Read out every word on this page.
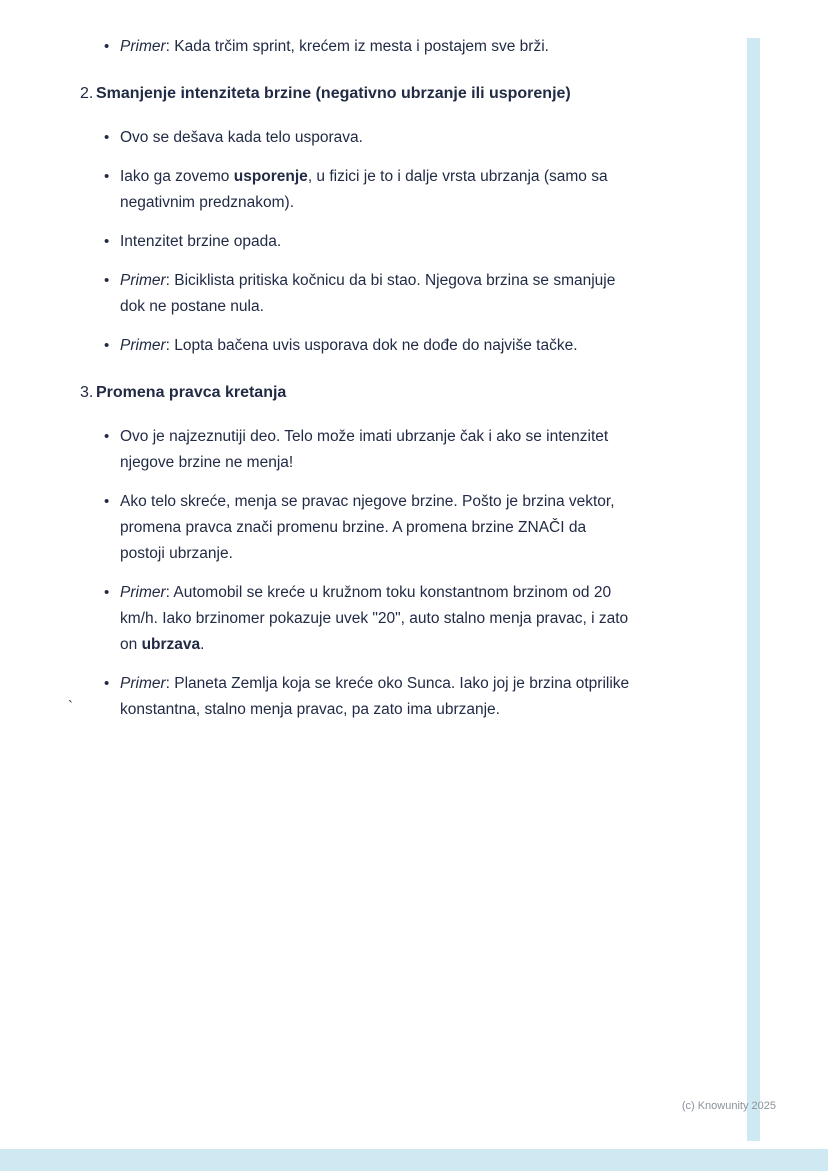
• Primer: Kada trčim sprint, krećem iz mesta i postajem sve brži.
2. Smanjenje intenziteta brzine (negativno ubrzanje ili usporenje)
• Ovo se dešava kada telo usporava.
• Iako ga zovemo usporenje, u fizici je to i dalje vrsta ubrzanja (samo sa negativnim predznakom).
• Intenzitet brzine opada.
• Primer: Biciklista pritiska kočnicu da bi stao. Njegova brzina se smanjuje dok ne postane nula.
• Primer: Lopta bačena uvis usporava dok ne dođe do najviše tačke.
3. Promena pravca kretanja
• Ovo je najzeznutiji deo. Telo može imati ubrzanje čak i ako se intenzitet njegove brzine ne menja!
• Ako telo skreće, menja se pravac njegove brzine. Pošto je brzina vektor, promena pravca znači promenu brzine. A promena brzine ZNAČI da postoji ubrzanje.
• Primer: Automobil se kreće u kružnom toku konstantnom brzinom od 20 km/h. Iako brzinomer pokazuje uvek "20", auto stalno menja pravac, i zato on ubrzava.
• Primer: Planeta Zemlja koja se kreće oko Sunca. Iako joj je brzina otprilike konstantna, stalno menja pravac, pa zato ima ubrzanje.
`
(c) Knowunity 2025
